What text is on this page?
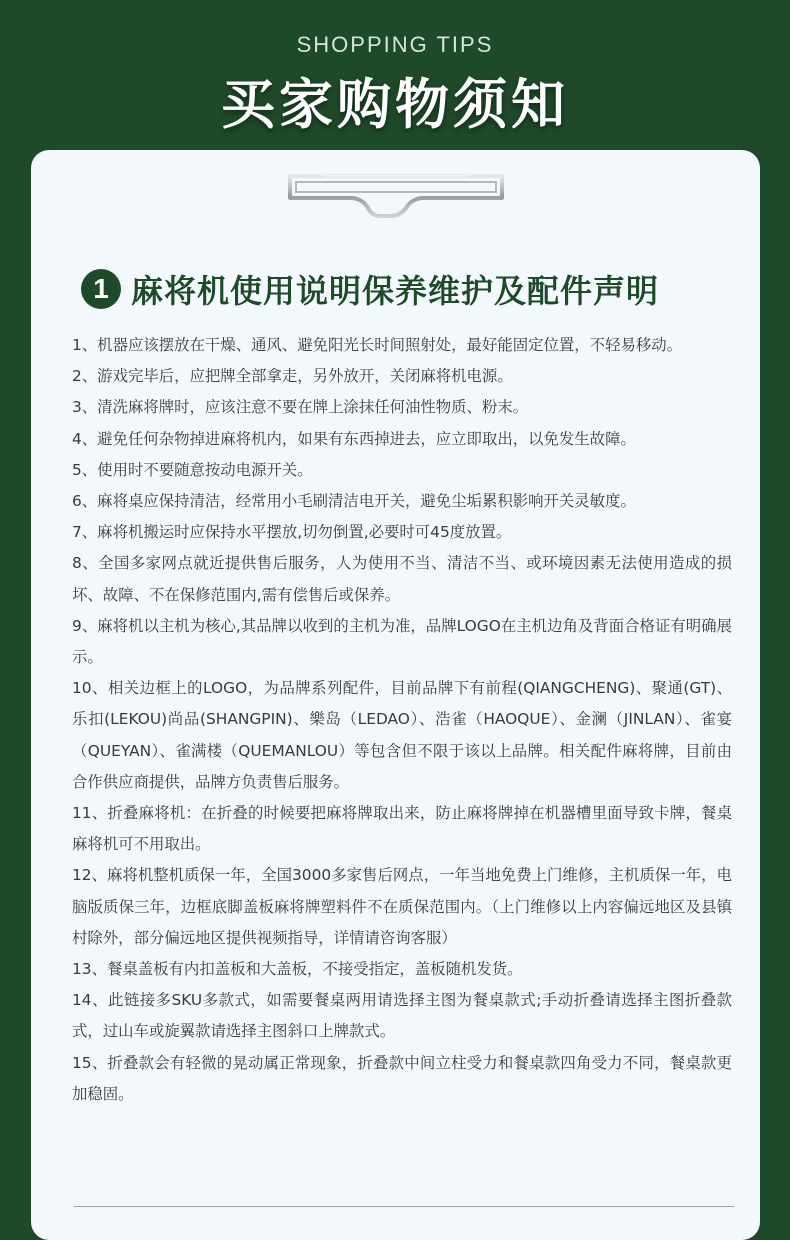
SHOPPING TIPS
买家购物须知
1 麻将机使用说明保养维护及配件声明
1、机器应该摆放在干燥、通风、避免阳光长时间照射处，最好能固定位置，不轻易移动。
2、游戏完毕后，应把牌全部拿走，另外放开，关闭麻将机电源。
3、清洗麻将牌时，应该注意不要在牌上涂抹任何油性物质、粉末。
4、避免任何杂物掉进麻将机内，如果有东西掉进去，应立即取出，以免发生故障。
5、使用时不要随意按动电源开关。
6、麻将桌应保持清洁，经常用小毛刷清洁电开关，避免尘垢累积影响开关灵敏度。
7、麻将机搬运时应保持水平摆放,切勿倒置,必要时可45度放置。
8、全国多家网点就近提供售后服务，人为使用不当、清洁不当、或环境因素无法使用造成的损坏、故障、不在保修范围内,需有偿售后或保养。
9、麻将机以主机为核心,其品牌以收到的主机为准，品牌LOGO在主机边角及背面合格证有明确展示。
10、相关边框上的LOGO，为品牌系列配件，目前品牌下有前程(QIANGCHENG)、聚通(GT)、乐扣(LEKOU)尚品(SHANGPIN)、樂岛（LEDAO）、浩雀（HAOQUE）、金澜（JINLAN）、雀宴（QUEYAN）、雀满楼（QUEMANLOU）等包含但不限于该以上品牌。相关配件麻将牌，目前由合作供应商提供，品牌方负责售后服务。
11、折叠麻将机：在折叠的时候要把麻将牌取出来，防止麻将牌掉在机器槽里面导致卡牌，餐桌麻将机可不用取出。
12、麻将机整机质保一年，全国3000多家售后网点，一年当地免费上门维修，主机质保一年，电脑版质保三年，边框底脚盖板麻将牌塑料件不在质保范围内。（上门维修以上内容偏远地区及县镇村除外，部分偏远地区提供视频指导，详情请咨询客服）
13、餐桌盖板有内扣盖板和大盖板，不接受指定，盖板随机发货。
14、此链接多SKU多款式，如需要餐桌两用请选择主图为餐桌款式;手动折叠请选择主图折叠款式，过山车或旋翼款请选择主图斜口上牌款式。
15、折叠款会有轻微的晃动属正常现象，折叠款中间立柱受力和餐桌款四角受力不同，餐桌款更加稳固。
